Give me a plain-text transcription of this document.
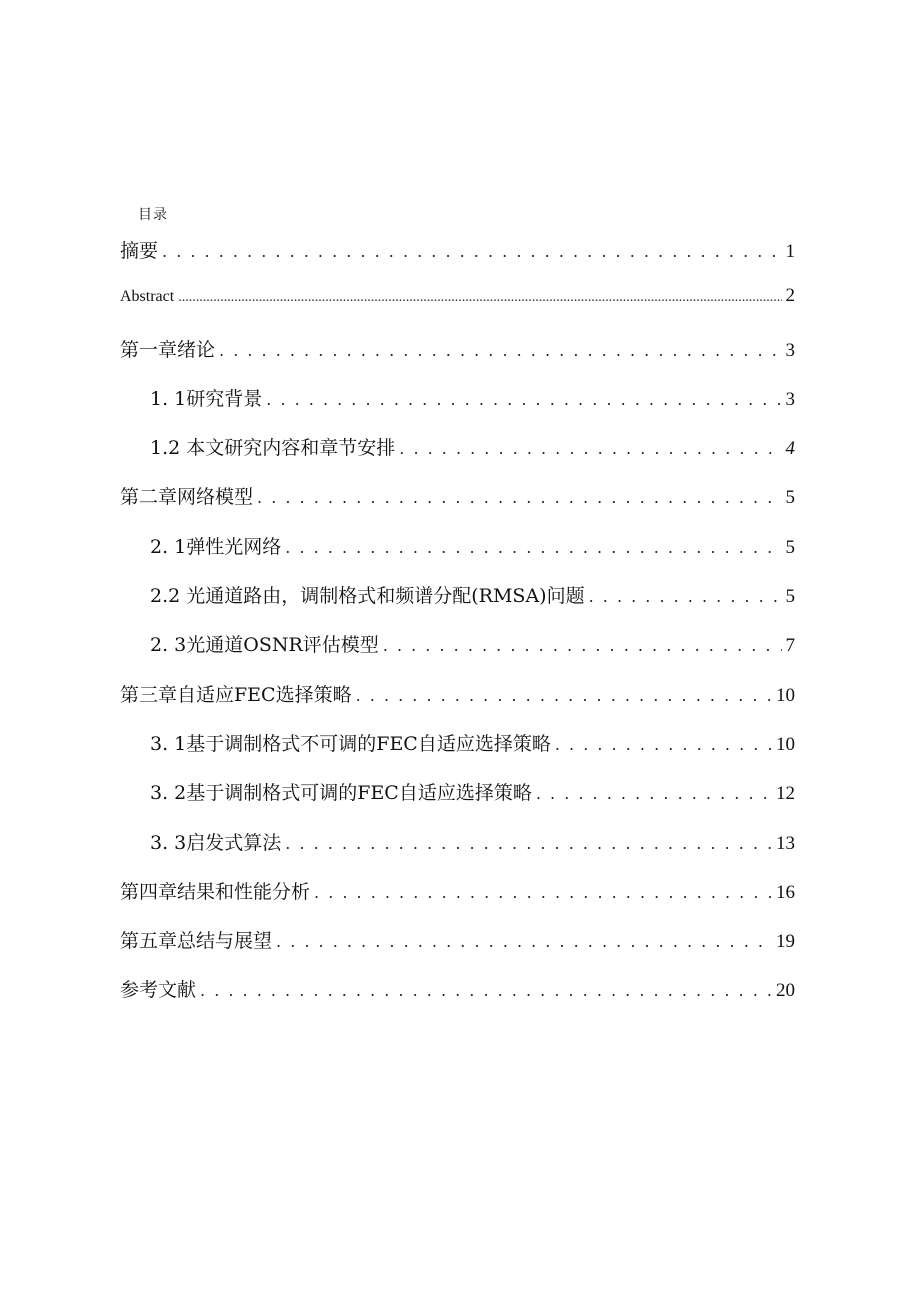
目录
摘要 . . .	1
Abstract .....	2
第一章绪论 . . .	3
1. 1研究背景 . . .	3
1.2 本文研究内容和章节安排 . . .	4
第二章网络模型 . . .	5
2. 1弹性光网络 . . .	5
2.2 光通道路由，调制格式和频谱分配(RMSA)问题 . . .	5
2. 3光通道OSNR评估模型 . . .	7
第三章自适应FEC选择策略 . . .	10
3. 1基于调制格式不可调的FEC自适应选择策略 . . .	10
3. 2基于调制格式可调的FEC自适应选择策略 . . .	12
3. 3启发式算法 . . .	13
第四章结果和性能分析 . . .	16
第五章总结与展望 . . .	19
参考文献 . . .	20
